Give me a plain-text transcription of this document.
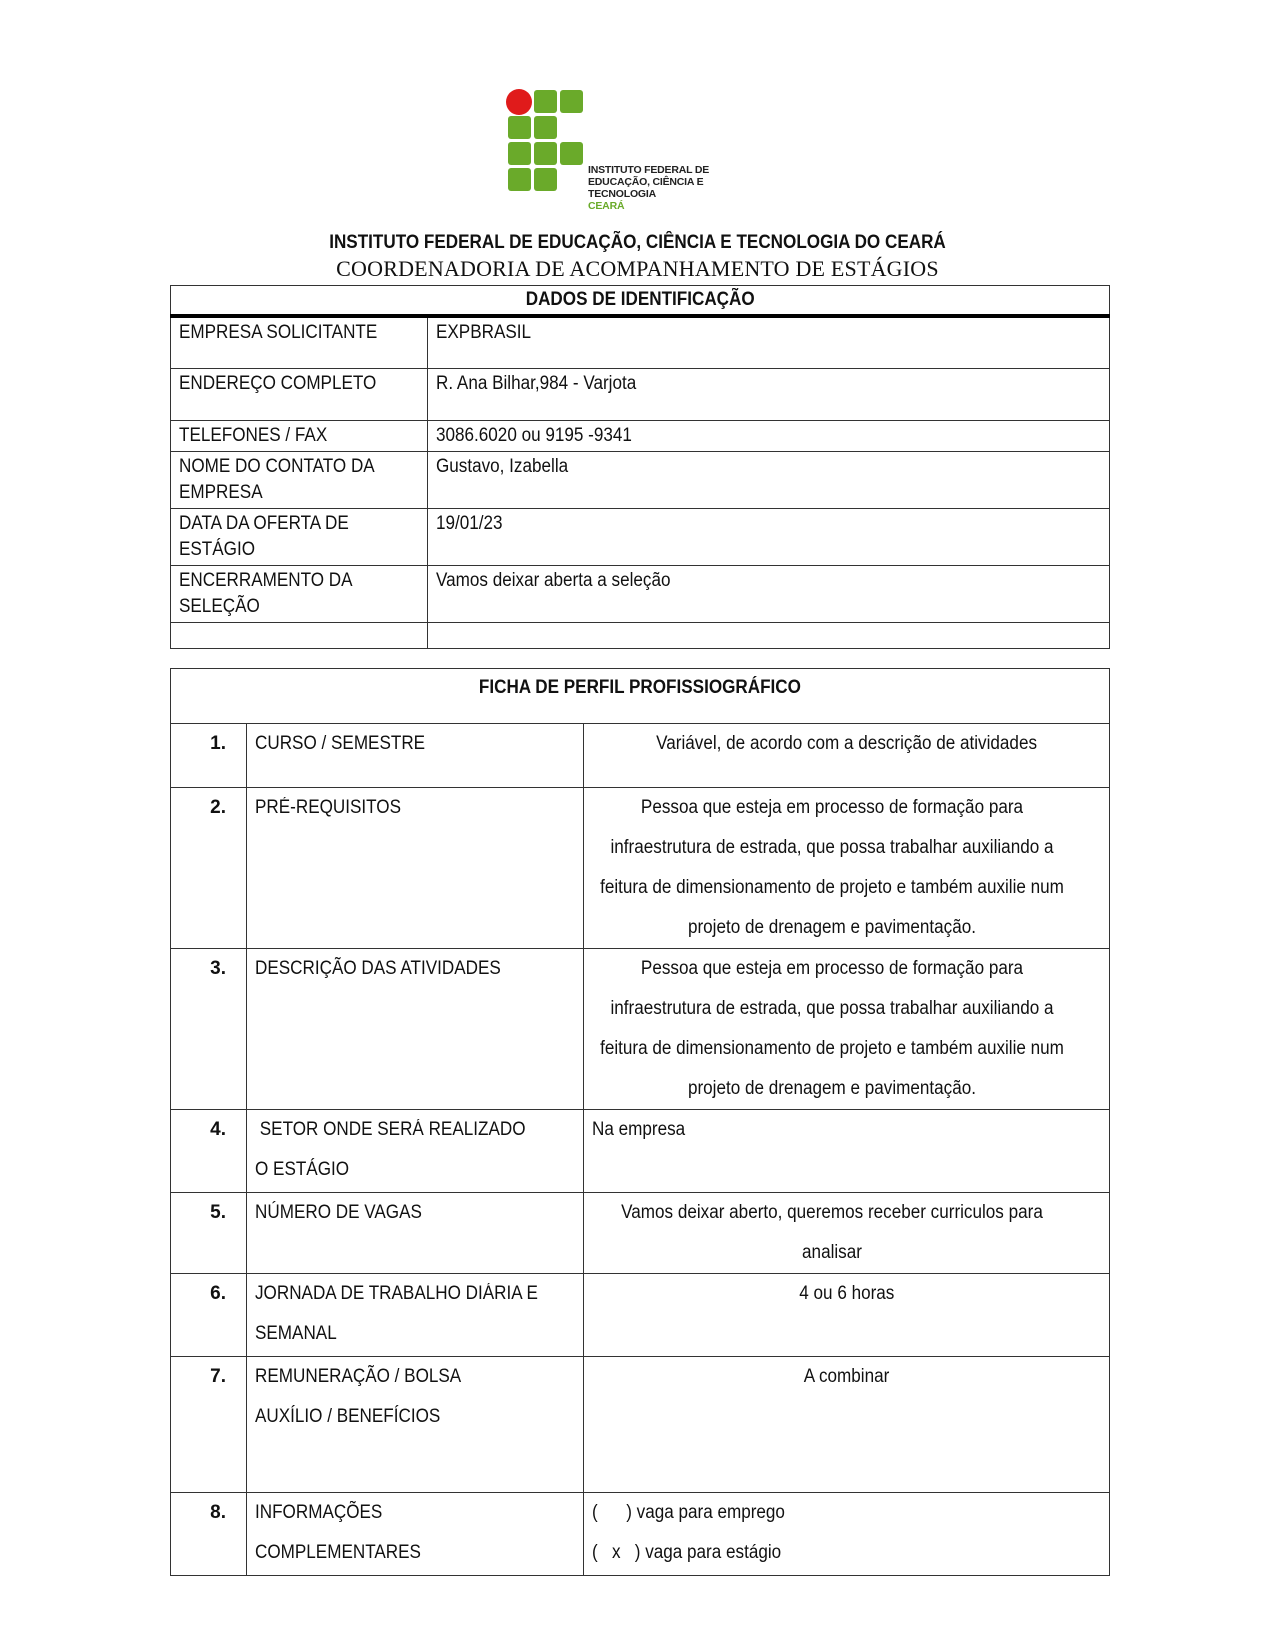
INSTITUTO FEDERAL DE
EDUCAÇÃO, CIÊNCIA E TECNOLOGIA
CEARÁ
INSTITUTO FEDERAL DE EDUCAÇÃO, CIÊNCIA E TECNOLOGIA DO CEARÁ
COORDENADORIA DE ACOMPANHAMENTO DE ESTÁGIOS
DADOS DE IDENTIFICAÇÃO	
EMPRESA SOLICITANTE	EXPBRASIL
ENDEREÇO COMPLETO	R. Ana Bilhar,984 - Varjota
TELEFONES / FAX	3086.6020 ou 9195 -9341

NOME DO CONTATO DA EMPRESA	Gustavo, Izabella

DATA DA OFERTA DE ESTÁGIO	19/01/23

ENCERRAMENTO DA SELEÇÃO	Vamos deixar aberta a seleção

FICHA DE PERFIL PROFISSIOGRÁFICO		
1.	CURSO / SEMESTRE	Variável, de acordo com a descrição de atividades
2.	PRÉ-REQUISITOS	Pessoa que esteja em processo de formação para infraestrutura de estrada, que possa trabalhar auxiliando a feitura de dimensionamento de projeto e também auxilie num projeto de drenagem e pavimentação.

3.	DESCRIÇÃO DAS ATIVIDADES	Pessoa que esteja em processo de formação para infraestrutura de estrada, que possa trabalhar auxiliando a feitura de dimensionamento de projeto e também auxilie num projeto de drenagem e pavimentação.

4.	SETOR ONDE SERÁ REALIZADO O ESTÁGIO	Na empresa
5.	NÚMERO DE VAGAS	Vamos deixar aberto, queremos receber curriculos para analisar

6.	JORNADA DE TRABALHO DIÁRIA E SEMANAL	4 ou 6 horas
7.	REMUNERAÇÃO / BOLSA AUXÍLIO / BENEFÍCIOS	A combinar
8.	INFORMAÇÕES COMPLEMENTARES	(      ) vaga para emprego
(   x   ) vaga para estágio
